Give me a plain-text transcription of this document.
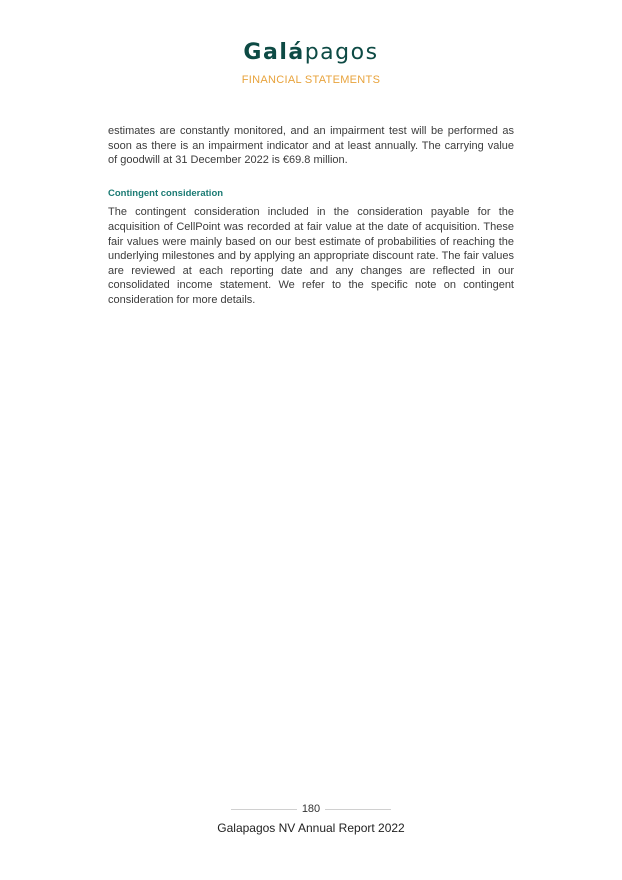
Galápagos
FINANCIAL STATEMENTS

estimates are constantly monitored, and an impairment test will be performed as soon as there is an impairment indicator and at least annually. The carrying value of goodwill at 31 December 2022 is €69.8 million.

Contingent consideration

The contingent consideration included in the consideration payable for the acquisition of CellPoint was recorded at fair value at the date of acquisition. These fair values were mainly based on our best estimate of probabilities of reaching the underlying milestones and by applying an appropriate discount rate. The fair values are reviewed at each reporting date and any changes are reflected in our consolidated income statement. We refer to the specific note on contingent consideration for more details.

180
Galapagos NV Annual Report 2022
